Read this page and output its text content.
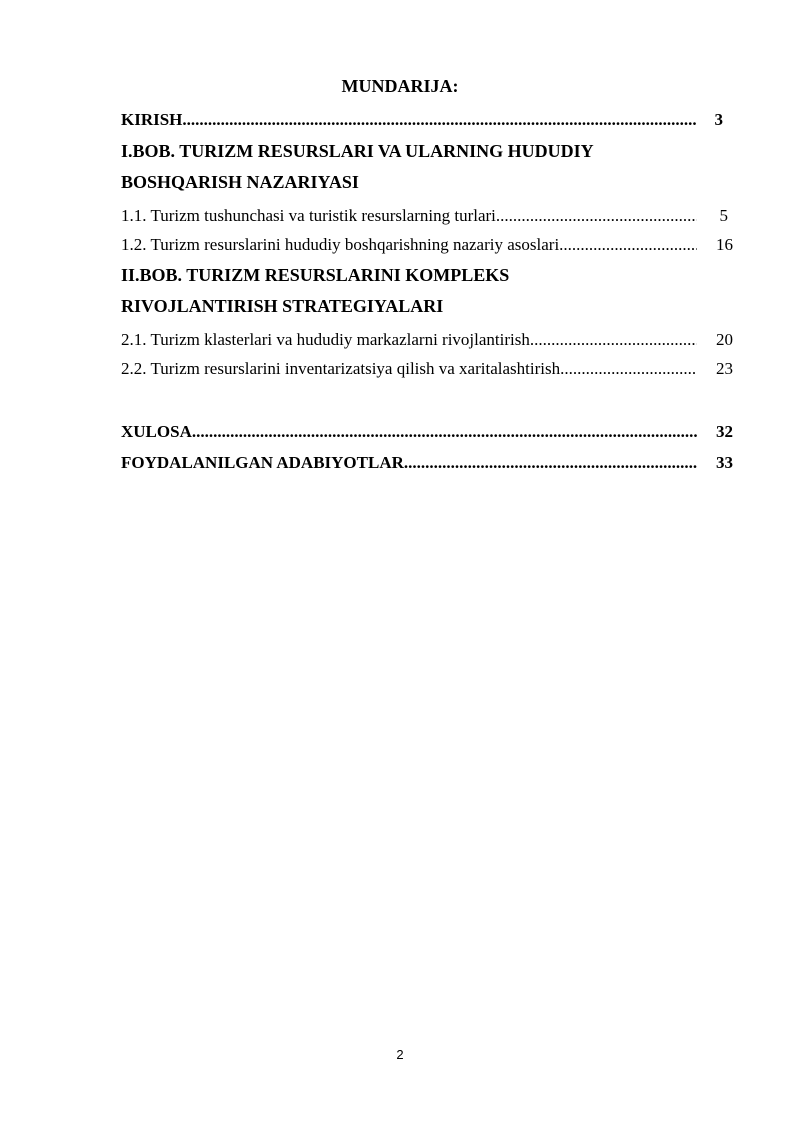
MUNDARIJA:
KIRISH .....	3
I.BOB. TURIZM RESURSLARI VA ULARNING HUDUDIY
BOSHQARISH NAZARIYASI
1.1. Turizm tushunchasi va turistik resurslarning turlari .....	5
1.2. Turizm resurslarini hududiy boshqarishning nazariy asoslari .....	16
II.BOB. TURIZM RESURSLARINI KOMPLEKS
RIVOJLANTIRISH STRATEGIYALARI
2.1. Turizm klasterlari va hududiy markazlarni rivojlantirish .....	20
2.2. Turizm resurslarini inventarizatsiya qilish va xaritalashtirish .....	23
XULOSA .....	32
FOYDALANILGAN ADABIYOTLAR .....	33
2
